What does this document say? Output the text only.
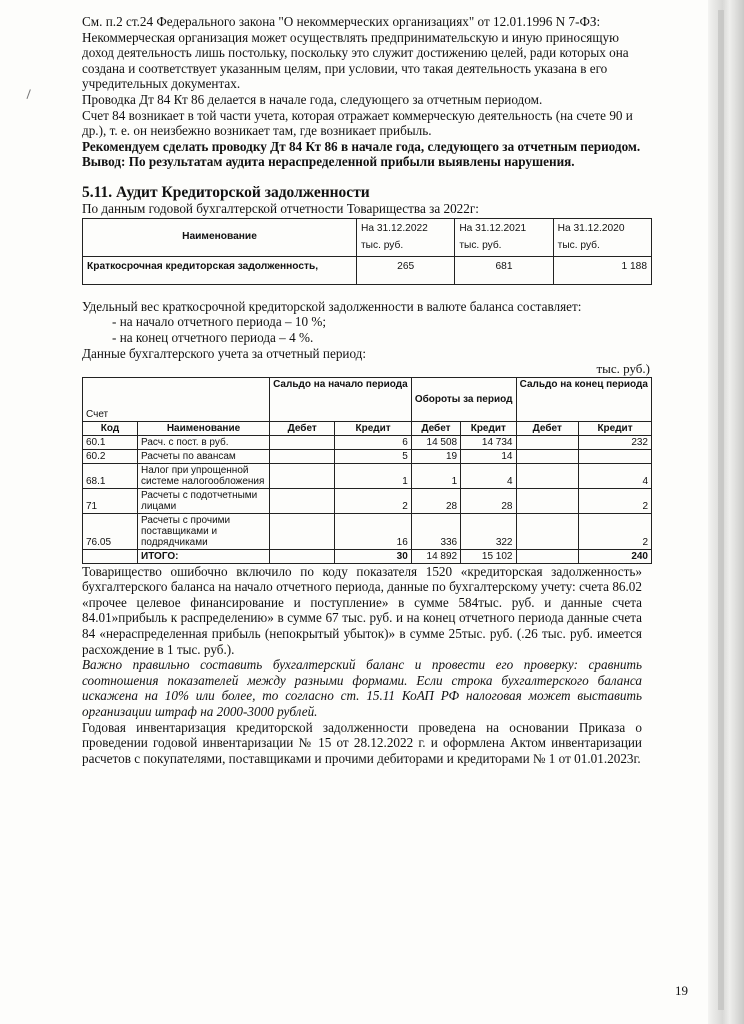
См. п.2 ст.24 Федерального закона "О некоммерческих организациях" от 12.01.1996 N 7-ФЗ:

Некоммерческая организация может осуществлять предпринимательскую и иную приносящую доход деятельность лишь постольку, поскольку это служит достижению целей, ради которых она создана и соответствует указанным целям, при условии, что такая деятельность указана в его учредительных документах.

Проводка Дт 84 Кт 86 делается в начале года, следующего за отчетным периодом.

Счет 84 возникает в той части учета, которая отражает коммерческую деятельность (на счете 90 и др.), т. е. он неизбежно возникает там, где возникает прибыль.

Рекомендуем сделать проводку Дт 84 Кт 86 в начале года, следующего за отчетным периодом.

Вывод: По результатам аудита нераспределенной прибыли выявлены нарушения.

5.11. Аудит Кредиторской задолженности

По данным годовой бухгалтерской отчетности Товарищества за 2022г:

Наименование	На 31.12.2022	На 31.12.2021	На 31.12.2020
	тыс. руб.	тыс. руб.	тыс. руб.
Краткосрочная кредиторская задолженность,	265	681	1 188

Удельный вес краткосрочной кредиторской задолженности в валюте баланса составляет:

- на начало отчетного периода – 10 %;

- на конец отчетного периода – 4 %.

Данные бухгалтерского учета за отчетный период:

тыс. руб.)

Счет		Сальдо на начало периода		Обороты за период		Сальдо на конец периода	
Код	Наименование	Дебет	Кредит	Дебет	Кредит	Дебет	Кредит
60.1	Расч. с пост. в руб.		6	14 508	14 734		232
60.2	Расчеты по авансам		5	19	14		
68.1	Налог при упрощенной системе налогообложения		1	1	4		4
71	Расчеты с подотчетными лицами		2	28	28		2
76.05	Расчеты с прочими поставщиками и подрядчиками		16	336	322		2
	ИТОГО:		30	14 892	15 102		240

Товарищество ошибочно включило по коду показателя 1520 «кредиторская задолженность» бухгалтерского баланса на начало отчетного периода, данные по бухгалтерскому учету: счета 86.02 «прочее целевое финансирование и поступление» в сумме 584тыс. руб. и данные счета 84.01»прибыль к распределению» в сумме 67 тыс. руб. и на конец отчетного периода данные счета 84 «нераспределенная прибыль (непокрытый убыток)» в сумме 25тыс. руб. (.26 тыс. руб. имеется расхождение в 1 тыс. руб.).

Важно правильно составить бухгалтерский баланс и провести его проверку: сравнить соотношения показателей между разными формами. Если строка бухгалтерского баланса искажена на 10% или более, то согласно ст. 15.11 КоАП РФ налоговая может выставить организации штраф на 2000-3000 рублей.

Годовая инвентаризация кредиторской задолженности проведена на основании Приказа о проведении годовой инвентаризации № 15 от 28.12.2022 г. и оформлена Актом инвентаризации расчетов с покупателями, поставщиками и прочими дебиторами и кредиторами № 1 от 01.01.2023г.

19
